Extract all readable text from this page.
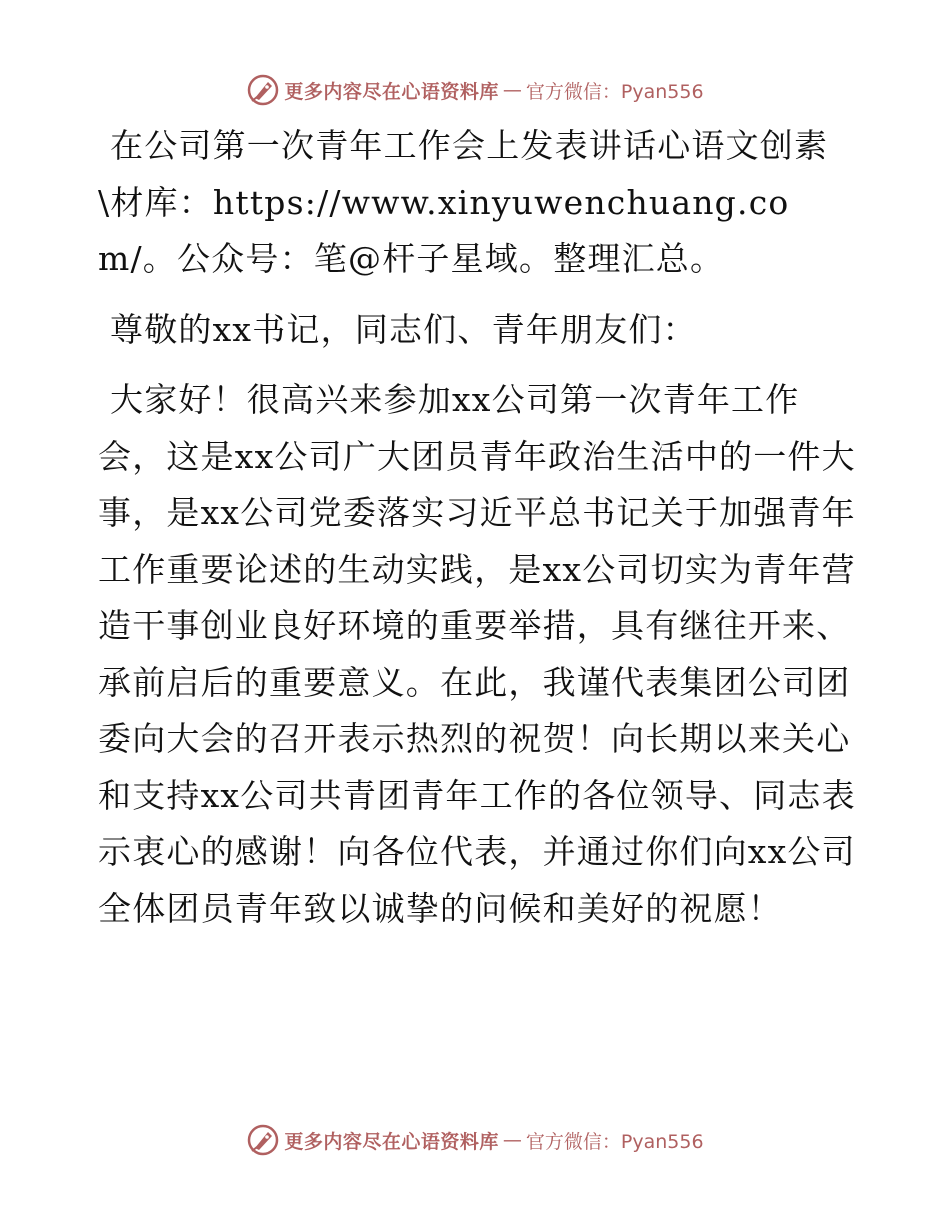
更多内容尽在心语资料库 — 官方微信：Pyan556

在公司第一次青年工作会上发表讲话心语文创素\材库：https://www.xinyuwenchuang.com/。公众号：笔@杆子星域。整理汇总。

尊敬的xx书记，同志们、青年朋友们：

大家好！很高兴来参加xx公司第一次青年工作会，这是xx公司广大团员青年政治生活中的一件大事，是xx公司党委落实习近平总书记关于加强青年工作重要论述的生动实践，是xx公司切实为青年营造干事创业良好环境的重要举措，具有继往开来、承前启后的重要意义。在此，我谨代表集团公司团委向大会的召开表示热烈的祝贺！向长期以来关心和支持xx公司共青团青年工作的各位领导、同志表示衷心的感谢！向各位代表，并通过你们向xx公司全体团员青年致以诚挚的问候和美好的祝愿！

更多内容尽在心语资料库 — 官方微信：Pyan556
